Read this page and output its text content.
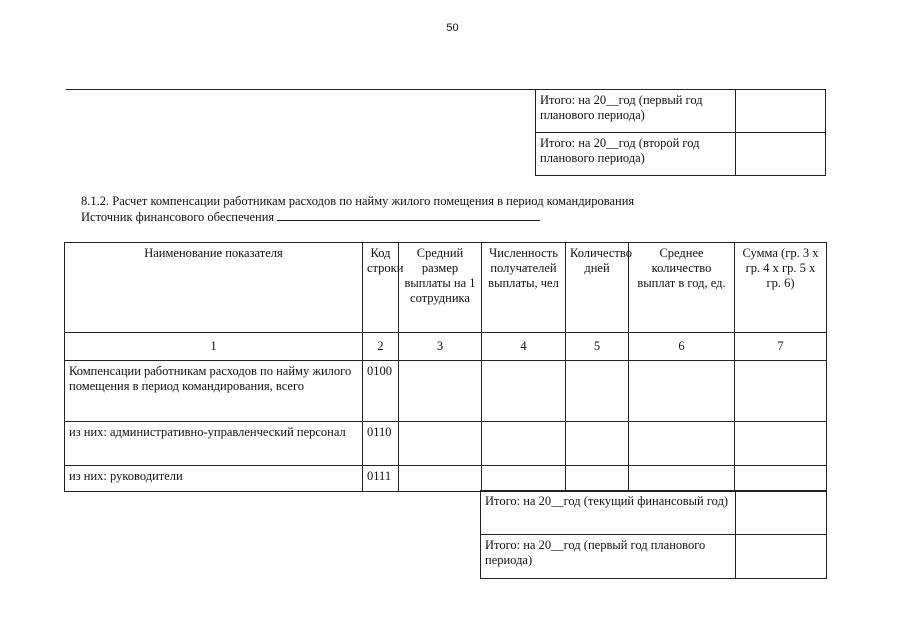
50
Итого: на 20__год (первый год планового периода)	
Итого: на 20__год (второй год планового периода)	
8.1.2. Расчет компенсации работникам расходов по найму жилого помещения в период командирования
Источник финансового обеспечения
Наименование показателя	Код строки	Средний размер выплаты на 1 сотрудника	Численность получателей выплаты, чел	Количество дней	Среднее количество выплат в год, ед.	Сумма (гр. 3 х гр. 4 х гр. 5 х гр. 6)
1	2	3	4	5	6	7
Компенсации работникам расходов по найму жилого помещения в период командирования, всего	0100					
из них: административно-управленческий персонал	0110					
из них: руководители	0111					
Итого: на 20__год (текущий финансовый год)	
Итого: на 20__год (первый год планового периода)	
